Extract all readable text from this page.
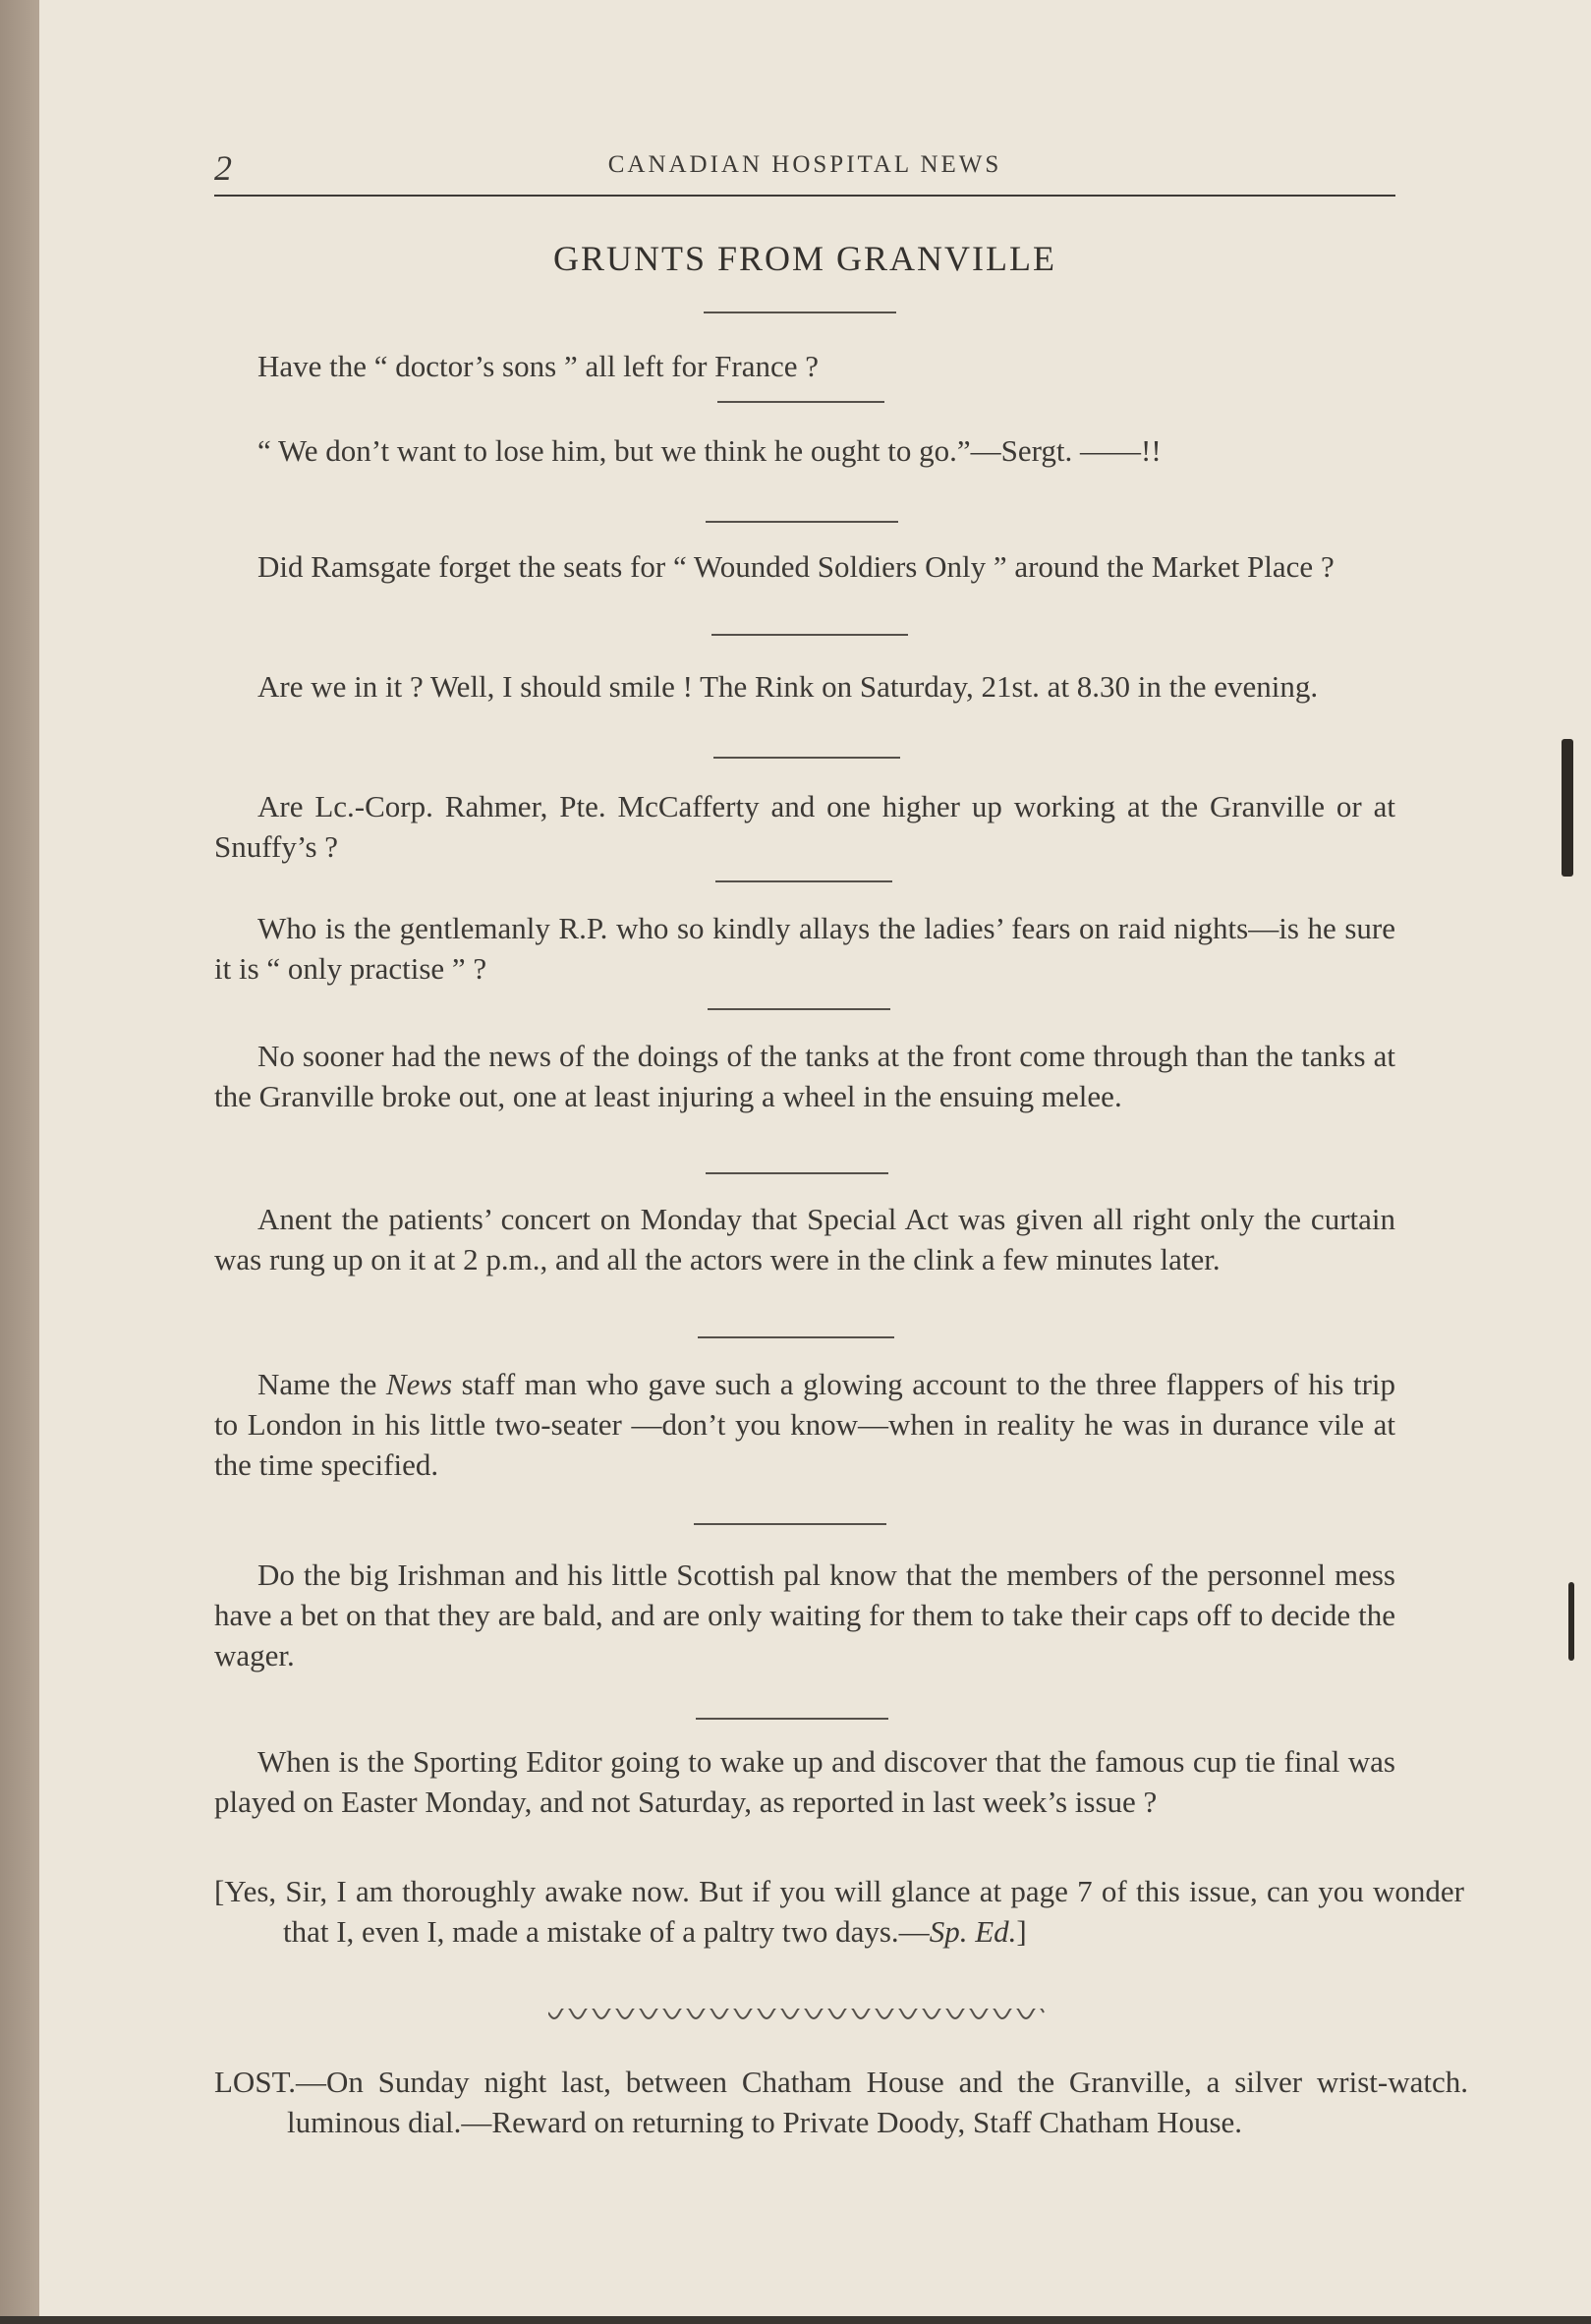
2	CANADIAN HOSPITAL NEWS
GRUNTS FROM GRANVILLE
Have the “ doctor’s sons ” all left for France ?
“ We don’t want to lose him, but we think he ought to go.”—Sergt. ——!!
Did Ramsgate forget the seats for “ Wounded Soldiers Only ” around the Market Place ?
Are we in it ? Well, I should smile ! The Rink on Saturday, 21st. at 8.30 in the evening.
Are Lc.-Corp. Rahmer, Pte. McCafferty and one higher up working at the Granville or at Snuffy’s ?
Who is the gentlemanly R.P. who so kindly allays the ladies’ fears on raid nights—is he sure it is “ only practise ” ?
No sooner had the news of the doings of the tanks at the front come through than the tanks at the Granville broke out, one at least injuring a wheel in the ensuing melee.
Anent the patients’ concert on Monday that Special Act was given all right only the curtain was rung up on it at 2 p.m., and all the actors were in the clink a few minutes later.
Name the News staff man who gave such a glowing account to the three flappers of his trip to London in his little two-seater —don’t you know—when in reality he was in durance vile at the time specified.
Do the big Irishman and his little Scottish pal know that the members of the personnel mess have a bet on that they are bald, and are only waiting for them to take their caps off to decide the wager.
When is the Sporting Editor going to wake up and discover that the famous cup tie final was played on Easter Monday, and not Saturday, as reported in last week’s issue ?
[Yes, Sir, I am thoroughly awake now. But if you will glance at page 7 of this issue, can you wonder that I, even I, made a mistake of a paltry two days.—Sp. Ed.]
LOST.—On Sunday night last, between Chatham House and the Granville, a silver wrist-watch. luminous dial.—Reward on returning to Private Doody, Staff Chatham House.
